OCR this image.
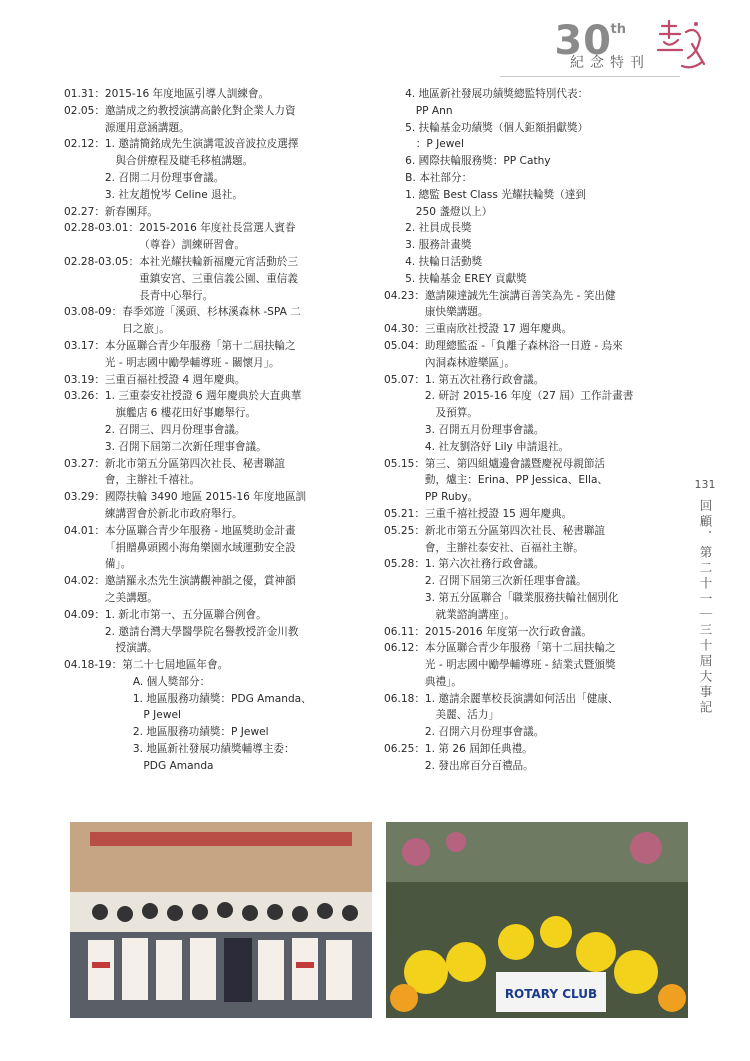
30
th
紀念特刊
01.31： 2015-16 年度地區引導人訓練會。
02.05： 邀請成之約教授演講高齡化對企業人力資
源運用意涵講題。
02.12： 1. 邀請簡銘成先生演講電波音波拉皮選擇
　與合併療程及睫毛移植講題。
2. 召開二月份理事會議。
3. 社友趙悅岑 Celine 退社。
02.27： 新春團拜。
02.28-03.01： 2015-2016 年度社長當選人賓眷
（尊眷）訓練研習會。
02.28-03.05： 本社光耀扶輪新福慶元宵活動於三
重鎮安宮、三重信義公園、重信義
長青中心舉行。
03.08-09： 春季郊遊「溪頭、杉林溪森林 -SPA 二
日之旅」。
03.17： 本分區聯合青少年服務「第十二屆扶輪之
光 - 明志國中勵學輔導班 - 關懷月」。
03.19： 三重百福社授證 4 週年慶典。
03.26： 1. 三重泰安社授證 6 週年慶典於大直典華
　旗艦店 6 樓花田好事廳舉行。
2. 召開三、四月份理事會議。
3. 召開下屆第二次新任理事會議。
03.27： 新北市第五分區第四次社長、秘書聯誼
會，主辦社千禧社。
03.29： 國際扶輪 3490 地區 2015-16 年度地區訓
練講習會於新北市政府舉行。
04.01： 本分區聯合青少年服務 - 地區獎助金計畫
「捐贈鼻頭國小海角樂園水域運動安全設
備」。
04.02： 邀請羅永杰先生演講觀神韻之優，賞神韻
之美講題。
04.09： 1. 新北市第一、五分區聯合例會。
2. 邀請台灣大學醫學院名譽教授許金川教
　授演講。
04.18-19： 第二十七屆地區年會。
　A. 個人獎部分：
　1. 地區服務功績獎：PDG Amanda、
　　P Jewel
　2. 地區服務功績獎：P Jewel
　3. 地區新社發展功績獎輔導主委：
　　PDG Amanda
　　4. 地區新社發展功績獎總監特別代表：
　　　PP Ann
　　5. 扶輪基金功績獎（個人鉅額捐獻獎）
　　　：P Jewel
　　6. 國際扶輪服務獎：PP Cathy
　　B. 本社部分：
　　1. 總監 Best Class 光耀扶輪獎（達到
　　　250 盞燈以上）
　　2. 社員成長獎
　　3. 服務計畫獎
　　4. 扶輪日活動獎
　　5. 扶輪基金 EREY 貢獻獎
04.23： 邀請陳達誠先生演講百善笑為先 - 笑出健
康快樂講題。
04.30： 三重南欣社授證 17 週年慶典。
05.04： 助理總監盃 -「負離子森林浴一日遊 - 烏來
內洞森林遊樂區」。
05.07： 1. 第五次社務行政會議。
2. 研討 2015-16 年度（27 屆）工作計畫書
　及預算。
3. 召開五月份理事會議。
4. 社友劉洛妤 Lily 申請退社。
05.15： 第三、第四組爐邊會議暨慶祝母親節活
動，爐主：Erina、PP Jessica、Ella、
PP Ruby。
05.21： 三重千禧社授證 15 週年慶典。
05.25： 新北市第五分區第四次社長、秘書聯誼
會，主辦社泰安社、百福社主辦。
05.28： 1. 第六次社務行政會議。
2. 召開下屆第三次新任理事會議。
3. 第五分區聯合「職業服務扶輪社個別化
　就業諮詢講座」。
06.11： 2015-2016 年度第一次行政會議。
06.12： 本分區聯合青少年服務「第十二屆扶輪之
光 - 明志國中勵學輔導班 - 結業式暨頒獎
典禮」。
06.18： 1. 邀請余麗華校長演講如何活出「健康、
　美麗、活力」
2. 召開六月份理事會議。
06.25： 1. 第 26 屆卸任典禮。
2. 發出席百分百禮品。
131
回顧．第二十一｜三十屆大事記
ROTARY CLUB
